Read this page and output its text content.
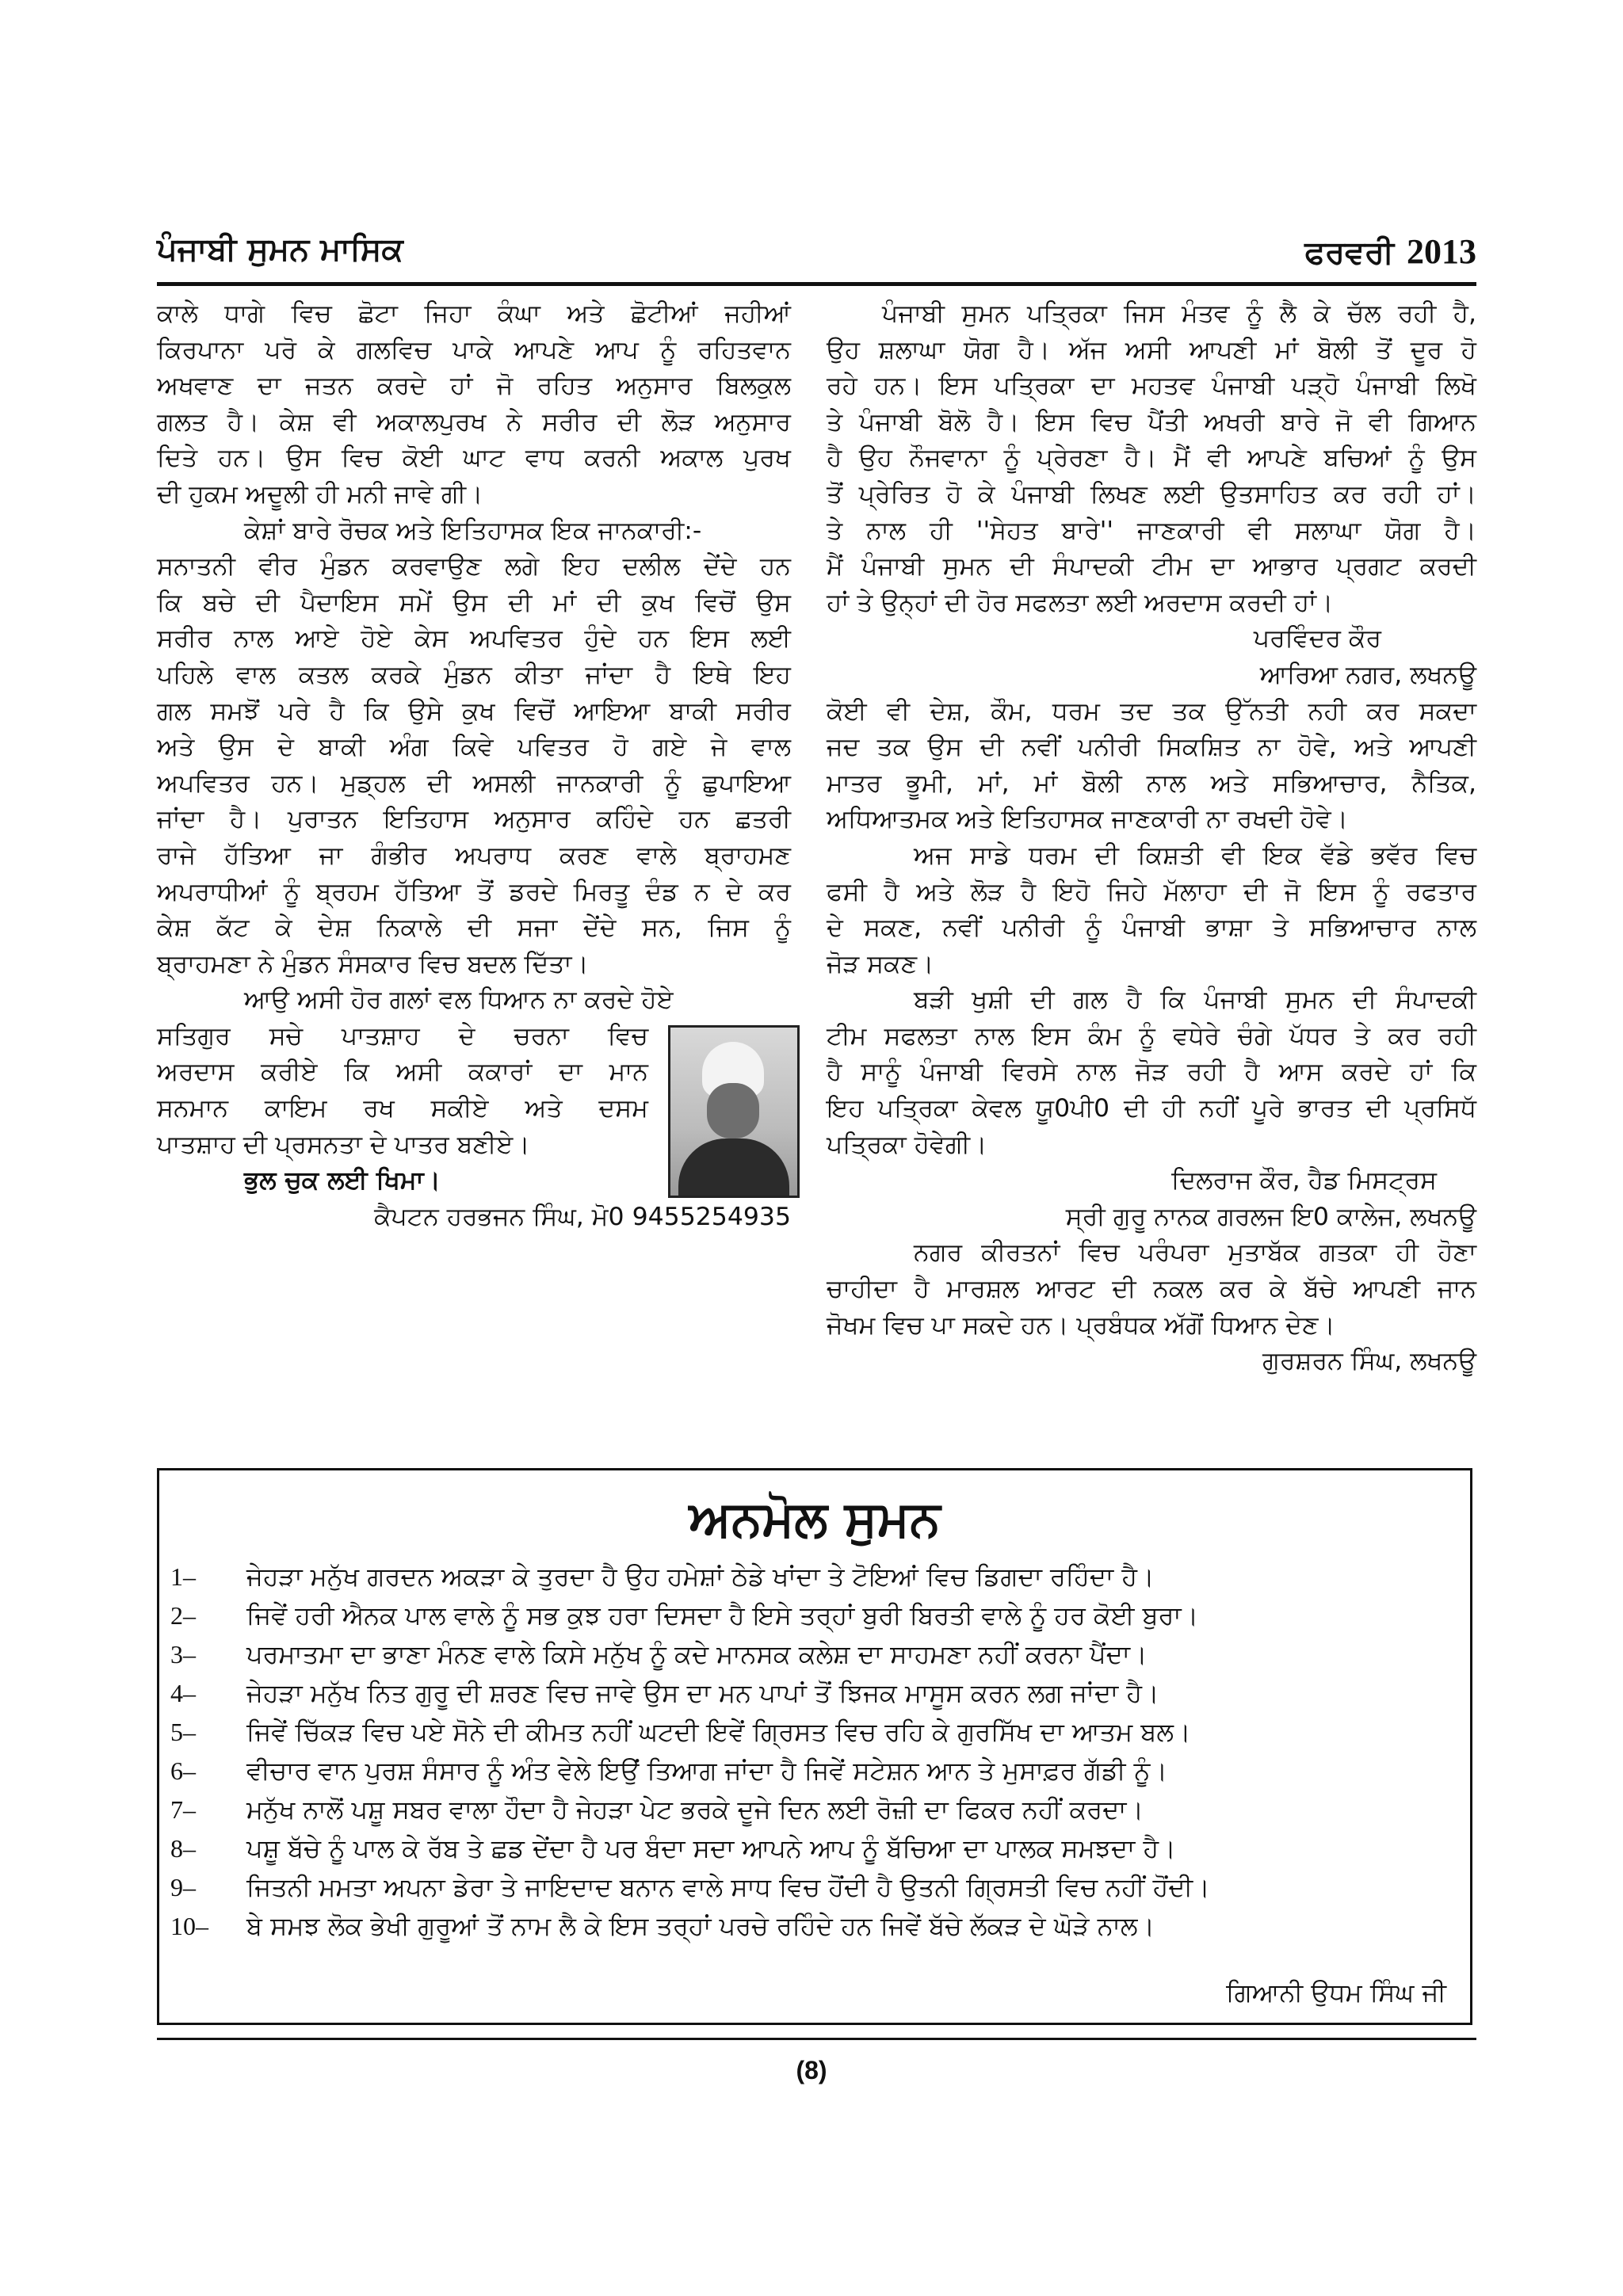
ਪੰਜਾਬੀ ਸੁਮਨ ਮਾਸਿਕ	ਫਰਵਰੀ 2013

ਕਾਲੇ ਧਾਗੇ ਵਿਚ ਛੋਟਾ ਜਿਹਾ ਕੰਘਾ ਅਤੇ ਛੋਟੀਆਂ ਜਹੀਆਂ

ਕਿਰਪਾਨਾ ਪਰੋ ਕੇ ਗਲਵਿਚ ਪਾਕੇ ਆਪਣੇ ਆਪ ਨੂੰ ਰਹਿਤਵਾਨ

ਅਖਵਾਣ ਦਾ ਜਤਨ ਕਰਦੇ ਹਾਂ ਜੋ ਰਹਿਤ ਅਨੁਸਾਰ ਬਿਲਕੁਲ

ਗਲਤ ਹੈ। ਕੇਸ਼ ਵੀ ਅਕਾਲਪੁਰਖ ਨੇ ਸਰੀਰ ਦੀ ਲੋੜ ਅਨੁਸਾਰ

ਦਿਤੇ ਹਨ। ਉਸ ਵਿਚ ਕੋਈ ਘਾਟ ਵਾਧ ਕਰਨੀ ਅਕਾਲ ਪੁਰਖ

ਦੀ ਹੁਕਮ ਅਦੂਲੀ ਹੀ ਮਨੀ ਜਾਵੇ ਗੀ।

ਕੇਸ਼ਾਂ ਬਾਰੇ ਰੋਚਕ ਅਤੇ ਇਤਿਹਾਸਕ ਇਕ ਜਾਨਕਾਰੀ:-

ਸਨਾਤਨੀ ਵੀਰ ਮੁੰਡਨ ਕਰਵਾਉਣ ਲਗੇ ਇਹ ਦਲੀਲ ਦੇਂਦੇ ਹਨ

ਕਿ ਬਚੇ ਦੀ ਪੈਦਾਇਸ ਸਮੇਂ ਉਸ ਦੀ ਮਾਂ ਦੀ ਕੁਖ ਵਿਚੋਂ ਉਸ

ਸਰੀਰ ਨਾਲ ਆਏ ਹੋਏ ਕੇਸ ਅਪਵਿਤਰ ਹੁੰਦੇ ਹਨ ਇਸ ਲਈ

ਪਹਿਲੇ ਵਾਲ ਕਤਲ ਕਰਕੇ ਮੁੰਡਨ ਕੀਤਾ ਜਾਂਦਾ ਹੈ ਇਥੇ ਇਹ

ਗਲ ਸਮਝੋਂ ਪਰੇ ਹੈ ਕਿ ਉਸੇ ਕੁਖ ਵਿਚੋਂ ਆਇਆ ਬਾਕੀ ਸਰੀਰ

ਅਤੇ ਉਸ ਦੇ ਬਾਕੀ ਅੰਗ ਕਿਵੇ ਪਵਿਤਰ ਹੋ ਗਏ ਜੇ ਵਾਲ

ਅਪਵਿਤਰ ਹਨ। ਮੁਡ੍ਹਲ ਦੀ ਅਸਲੀ ਜਾਨਕਾਰੀ ਨੂੰ ਛੁਪਾਇਆ

ਜਾਂਦਾ ਹੈ। ਪੁਰਾਤਨ ਇਤਿਹਾਸ ਅਨੁਸਾਰ ਕਹਿੰਦੇ ਹਨ ਛਤਰੀ

ਰਾਜੇ ਹੱਤਿਆ ਜਾ ਗੰਭੀਰ ਅਪਰਾਧ ਕਰਣ ਵਾਲੇ ਬ੍ਰਾਹਮਣ

ਅਪਰਾਧੀਆਂ ਨੂੰ ਬ੍ਰਹਮ ਹੱਤਿਆ ਤੋਂ ਡਰਦੇ ਮਿਰਤੂ ਦੰਡ ਨ ਦੇ ਕਰ

ਕੇਸ਼ ਕੱਟ ਕੇ ਦੇਸ਼ ਨਿਕਾਲੇ ਦੀ ਸਜਾ ਦੇਂਦੇ ਸਨ, ਜਿਸ ਨੂੰ

ਬ੍ਰਾਹਮਣਾ ਨੇ ਮੁੰਡਨ ਸੰਸਕਾਰ ਵਿਚ ਬਦਲ ਦਿੱਤਾ।

ਆਉ ਅਸੀ ਹੋਰ ਗਲਾਂ ਵਲ ਧਿਆਨ ਨਾ ਕਰਦੇ ਹੋਏ

ਸਤਿਗੁਰ ਸਚੇ ਪਾਤਸ਼ਾਹ ਦੇ ਚਰਨਾ ਵਿਚ

ਅਰਦਾਸ ਕਰੀਏ ਕਿ ਅਸੀ ਕਕਾਰਾਂ ਦਾ ਮਾਨ

ਸਨਮਾਨ ਕਾਇਮ ਰਖ ਸਕੀਏ ਅਤੇ ਦਸਮ

ਪਾਤਸ਼ਾਹ ਦੀ ਪ੍ਰਸਨਤਾ ਦੇ ਪਾਤਰ ਬਣੀਏ।

ਭੁਲ ਚੁਕ ਲਈ ਖਿਮਾ।

ਕੈਪਟਨ ਹਰਭਜਨ ਸਿੰਘ, ਮੋ0 9455254935

ਪੰਜਾਬੀ ਸੁਮਨ ਪਤ੍ਰਿਕਾ ਜਿਸ ਮੰਤਵ ਨੂੰ ਲੈ ਕੇ ਚੱਲ ਰਹੀ ਹੈ,

ਉਹ ਸ਼ਲਾਘਾ ਯੋਗ ਹੈ। ਅੱਜ ਅਸੀ ਆਪਣੀ ਮਾਂ ਬੋਲੀ ਤੋਂ ਦੂਰ ਹੋ

ਰਹੇ ਹਨ। ਇਸ ਪਤ੍ਰਿਕਾ ਦਾ ਮਹਤਵ ਪੰਜਾਬੀ ਪੜ੍ਹੋ ਪੰਜਾਬੀ ਲਿਖੋ

ਤੇ ਪੰਜਾਬੀ ਬੋਲੋ ਹੈ। ਇਸ ਵਿਚ ਪੈਂਤੀ ਅਖਰੀ ਬਾਰੇ ਜੋ ਵੀ ਗਿਆਨ

ਹੈ ਉਹ ਨੌਜਵਾਨਾ ਨੂੰ ਪ੍ਰੇਰਣਾ ਹੈ। ਮੈਂ ਵੀ ਆਪਣੇ ਬਚਿਆਂ ਨੂੰ ਉਸ

ਤੋਂ ਪ੍ਰੇਰਿਤ ਹੋ ਕੇ ਪੰਜਾਬੀ ਲਿਖਣ ਲਈ ਉਤਸਾਹਿਤ ਕਰ ਰਹੀ ਹਾਂ।

ਤੇ ਨਾਲ ਹੀ ''ਸੇਹਤ ਬਾਰੇ'' ਜਾਣਕਾਰੀ ਵੀ ਸਲਾਘਾ ਯੋਗ ਹੈ।

ਮੈਂ ਪੰਜਾਬੀ ਸੁਮਨ ਦੀ ਸੰਪਾਦਕੀ ਟੀਮ ਦਾ ਆਭਾਰ ਪ੍ਰਗਟ ਕਰਦੀ

ਹਾਂ ਤੇ ਉਨ੍ਹਾਂ ਦੀ ਹੋਰ ਸਫਲਤਾ ਲਈ ਅਰਦਾਸ ਕਰਦੀ ਹਾਂ।

ਪਰਵਿੰਦਰ ਕੌਰ

ਆਰਿਆ ਨਗਰ, ਲਖਨਊ

ਕੋਈ ਵੀ ਦੇਸ਼, ਕੌਮ, ਧਰਮ ਤਦ ਤਕ ਉੱਨਤੀ ਨਹੀ ਕਰ ਸਕਦਾ

ਜਦ ਤਕ ਉਸ ਦੀ ਨਵੀਂ ਪਨੀਰੀ ਸਿਕਸ਼ਿਤ ਨਾ ਹੋਵੇ, ਅਤੇ ਆਪਣੀ

ਮਾਤਰ ਭੂਮੀ, ਮਾਂ, ਮਾਂ ਬੋਲੀ ਨਾਲ ਅਤੇ ਸਭਿਆਚਾਰ, ਨੈਤਿਕ,

ਅਧਿਆਤਮਕ ਅਤੇ ਇਤਿਹਾਸਕ ਜਾਣਕਾਰੀ ਨਾ ਰਖਦੀ ਹੋਵੇ।

ਅਜ ਸਾਡੇ ਧਰਮ ਦੀ ਕਿਸ਼ਤੀ ਵੀ ਇਕ ਵੱਡੇ ਭਵੱਰ ਵਿਚ

ਫਸੀ ਹੈ ਅਤੇ ਲੋੜ ਹੈ ਇਹੋ ਜਿਹੇ ਮੱਲਾਹਾ ਦੀ ਜੋ ਇਸ ਨੂੰ ਰਫਤਾਰ

ਦੇ ਸਕਣ, ਨਵੀਂ ਪਨੀਰੀ ਨੂੰ ਪੰਜਾਬੀ ਭਾਸ਼ਾ ਤੇ ਸਭਿਆਚਾਰ ਨਾਲ

ਜੋੜ ਸਕਣ।

ਬੜੀ ਖੁਸ਼ੀ ਦੀ ਗਲ ਹੈ ਕਿ ਪੰਜਾਬੀ ਸੁਮਨ ਦੀ ਸੰਪਾਦਕੀ

ਟੀਮ ਸਫਲਤਾ ਨਾਲ ਇਸ ਕੰਮ ਨੂੰ ਵਧੇਰੇ ਚੰਗੇ ਪੱਧਰ ਤੇ ਕਰ ਰਹੀ

ਹੈ ਸਾਨੂੰ ਪੰਜਾਬੀ ਵਿਰਸੇ ਨਾਲ ਜੋੜ ਰਹੀ ਹੈ ਆਸ ਕਰਦੇ ਹਾਂ ਕਿ

ਇਹ ਪਤ੍ਰਿਕਾ ਕੇਵਲ ਯੂ0ਪੀ0 ਦੀ ਹੀ ਨਹੀਂ ਪੂਰੇ ਭਾਰਤ ਦੀ ਪ੍ਰਸਿਧੱ

ਪਤ੍ਰਿਕਾ ਹੋਵੇਗੀ।

ਦਿਲਰਾਜ ਕੌਰ, ਹੈਡ ਮਿਸਟ੍ਰਸ

ਸ੍ਰੀ ਗੁਰੂ ਨਾਨਕ ਗਰਲਜ ਇ0 ਕਾਲੇਜ, ਲਖਨਊ

ਨਗਰ ਕੀਰਤਨਾਂ ਵਿਚ ਪਰੰਪਰਾ ਮੁਤਾਬੱਕ ਗਤਕਾ ਹੀ ਹੋਣਾ

ਚਾਹੀਦਾ ਹੈ ਮਾਰਸ਼ਲ ਆਰਟ ਦੀ ਨਕਲ ਕਰ ਕੇ ਬੱਚੇ ਆਪਣੀ ਜਾਨ

ਜੋਖਮ ਵਿਚ ਪਾ ਸਕਦੇ ਹਨ। ਪ੍ਰਬੰਧਕ ਅੱਗੋਂ ਧਿਆਨ ਦੇਣ।

ਗੁਰਸ਼ਰਨ ਸਿੰਘ, ਲਖਨਊ

ਅਨਮੋਲ ਸੁਮਨ
1– ਜੇਹੜਾ ਮਨੁੱਖ ਗਰਦਨ ਅਕੜਾ ਕੇ ਤੁਰਦਾ ਹੈ ਉਹ ਹਮੇਸ਼ਾਂ ਠੇਡੇ ਖਾਂਦਾ ਤੇ ਟੋਇਆਂ ਵਿਚ ਡਿਗਦਾ ਰਹਿੰਦਾ ਹੈ।
2– ਜਿਵੇਂ ਹਰੀ ਐਨਕ ਪਾਲ ਵਾਲੇ ਨੂੰ ਸਭ ਕੁਝ ਹਰਾ ਦਿਸਦਾ ਹੈ ਇਸੇ ਤਰ੍ਹਾਂ ਬੁਰੀ ਬਿਰਤੀ ਵਾਲੇ ਨੂੰ ਹਰ ਕੋਈ ਬੁਰਾ।
3– ਪਰਮਾਤਮਾ ਦਾ ਭਾਣਾ ਮੰਨਣ ਵਾਲੇ ਕਿਸੇ ਮਨੁੱਖ ਨੂੰ ਕਦੇ ਮਾਨਸਕ ਕਲੇਸ਼ ਦਾ ਸਾਹਮਣਾ ਨਹੀਂ ਕਰਨਾ ਪੈਂਦਾ।
4– ਜੇਹੜਾ ਮਨੁੱਖ ਨਿਤ ਗੁਰੂ ਦੀ ਸ਼ਰਣ ਵਿਚ ਜਾਵੇ ਉਸ ਦਾ ਮਨ ਪਾਪਾਂ ਤੋਂ ਝਿਜਕ ਮਾਸੂਸ ਕਰਨ ਲਗ ਜਾਂਦਾ ਹੈ।
5– ਜਿਵੇਂ ਚਿੱਕੜ ਵਿਚ ਪਏ ਸੋਨੇ ਦੀ ਕੀਮਤ ਨਹੀਂ ਘਟਦੀ ਇਵੇਂ ਗ੍ਰਿਸਤ ਵਿਚ ਰਹਿ ਕੇ ਗੁਰਸਿੱਖ ਦਾ ਆਤਮ ਬਲ।
6– ਵੀਚਾਰ ਵਾਨ ਪੁਰਸ਼ ਸੰਸਾਰ ਨੂੰ ਅੰਤ ਵੇਲੇ ਇਉਂ ਤਿਆਗ ਜਾਂਦਾ ਹੈ ਜਿਵੇਂ ਸਟੇਸ਼ਨ ਆਨ ਤੇ ਮੁਸਾਫ਼ਰ ਗੱਡੀ ਨੂੰ।
7– ਮਨੁੱਖ ਨਾਲੋਂ ਪਸ਼ੂ ਸਬਰ ਵਾਲਾ ਹੌਦਾ ਹੈ ਜੇਹੜਾ ਪੇਟ ਭਰਕੇ ਦੂਜੇ ਦਿਨ ਲਈ ਰੋਜ਼ੀ ਦਾ ਫਿਕਰ ਨਹੀਂ ਕਰਦਾ।
8– ਪਸ਼ੂ ਬੱਚੇ ਨੂੰ ਪਾਲ ਕੇ ਰੱਬ ਤੇ ਛਡ ਦੇਂਦਾ ਹੈ ਪਰ ਬੰਦਾ ਸਦਾ ਆਪਨੇ ਆਪ ਨੂੰ ਬੱਚਿਆ ਦਾ ਪਾਲਕ ਸਮਝਦਾ ਹੈ।
9– ਜਿਤਨੀ ਮਮਤਾ ਅਪਨਾ ਡੇਰਾ ਤੇ ਜਾਇਦਾਦ ਬਨਾਨ ਵਾਲੇ ਸਾਧ ਵਿਚ ਹੋਂਦੀ ਹੈ ਉਤਨੀ ਗ੍ਰਿਸਤੀ ਵਿਚ ਨਹੀਂ ਹੋਂਦੀ।
10– ਬੇ ਸਮਝ ਲੋਕ ਭੇਖੀ ਗੁਰੂਆਂ ਤੋਂ ਨਾਮ ਲੈ ਕੇ ਇਸ ਤਰ੍ਹਾਂ ਪਰਚੇ ਰਹਿੰਦੇ ਹਨ ਜਿਵੇਂ ਬੱਚੇ ਲੱਕੜ ਦੇ ਘੋੜੇ ਨਾਲ।
ਗਿਆਨੀ ਉਧਮ ਸਿੰਘ ਜੀ
(8)
